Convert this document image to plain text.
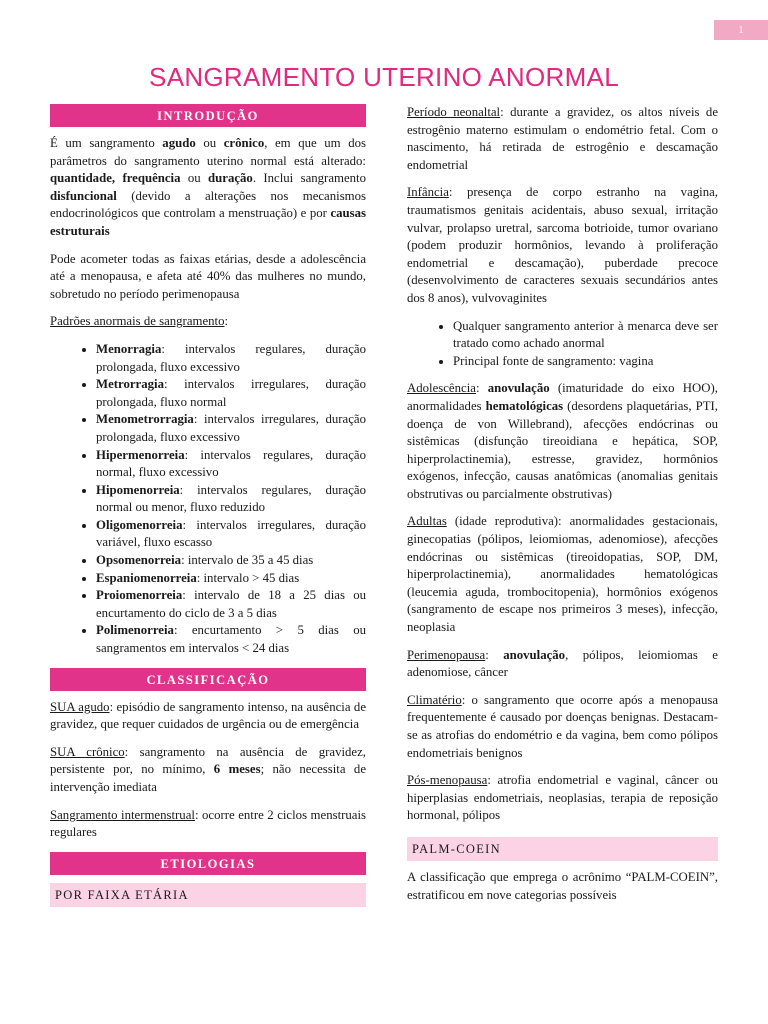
1
SANGRAMENTO UTERINO ANORMAL
INTRODUÇÃO

É um sangramento agudo ou crônico, em que um dos parâmetros do sangramento uterino normal está alterado: quantidade, frequência ou duração. Inclui sangramento disfuncional (devido a alterações nos mecanismos endocrinológicos que controlam a menstruação) e por causas estruturais

Pode acometer todas as faixas etárias, desde a adolescência até a menopausa, e afeta até 40% das mulheres no mundo, sobretudo no período perimenopausa

Padrões anormais de sangramento:

• Menorragia: intervalos regulares, duração prolongada, fluxo excessivo
• Metrorragia: intervalos irregulares, duração prolongada, fluxo normal
• Menometrorragia: intervalos irregulares, duração prolongada, fluxo excessivo
• Hipermenorreia: intervalos regulares, duração normal, fluxo excessivo
• Hipomenorreia: intervalos regulares, duração normal ou menor, fluxo reduzido
• Oligomenorreia: intervalos irregulares, duração variável, fluxo escasso
• Opsomenorreia: intervalo de 35 a 45 dias
• Espaniomenorreia: intervalo > 45 dias
• Proiomenorreia: intervalo de 18 a 25 dias ou encurtamento do ciclo de 3 a 5 dias
• Polimenorreia: encurtamento > 5 dias ou sangramentos em intervalos < 24 dias
CLASSIFICAÇÃO

SUA agudo: episódio de sangramento intenso, na ausência de gravidez, que requer cuidados de urgência ou de emergência

SUA crônico: sangramento na ausência de gravidez, persistente por, no mínimo, 6 meses; não necessita de intervenção imediata

Sangramento intermenstrual: ocorre entre 2 ciclos menstruais regulares

ETIOLOGIAS
POR FAIXA ETÁRIA

Período neonaltal: durante a gravidez, os altos níveis de estrogênio materno estimulam o endométrio fetal. Com o nascimento, há retirada de estrogênio e descamação endometrial

Infância: presença de corpo estranho na vagina, traumatismos genitais acidentais, abuso sexual, irritação vulvar, prolapso uretral, sarcoma botrioide, tumor ovariano (podem produzir hormônios, levando à proliferação endometrial e descamação), puberdade precoce (desenvolvimento de caracteres sexuais secundários antes dos 8 anos), vulvovaginites

• Qualquer sangramento anterior à menarca deve ser tratado como achado anormal
• Principal fonte de sangramento: vagina

Adolescência: anovulação (imaturidade do eixo HOO), anormalidades hematológicas (desordens plaquetárias, PTI, doença de von Willebrand), afecções endócrinas ou sistêmicas (disfunção tireoidiana e hepática, SOP, hiperprolactinemia), estresse, gravidez, hormônios exógenos, infecção, causas anatômicas (anomalias genitais obstrutivas ou parcialmente obstrutivas)

Adultas (idade reprodutiva): anormalidades gestacionais, ginecopatias (pólipos, leiomiomas, adenomiose), afecções endócrinas ou sistêmicas (tireoidopatias, SOP, DM, hiperprolactinemia), anormalidades hematológicas (leucemia aguda, trombocitopenia), hormônios exógenos (sangramento de escape nos primeiros 3 meses), infecção, neoplasia

Perimenopausa: anovulação, pólipos, leiomiomas e adenomiose, câncer

Climatério: o sangramento que ocorre após a menopausa frequentemente é causado por doenças benignas. Destacam-se as atrofias do endométrio e da vagina, bem como pólipos endometriais benignos

Pós-menopausa: atrofia endometrial e vaginal, câncer ou hiperplasias endometriais, neoplasias, terapia de reposição hormonal, pólipos

PALM-COEIN

A classificação que emprega o acrônimo “PALM-COEIN”, estratificou em nove categorias possíveis
